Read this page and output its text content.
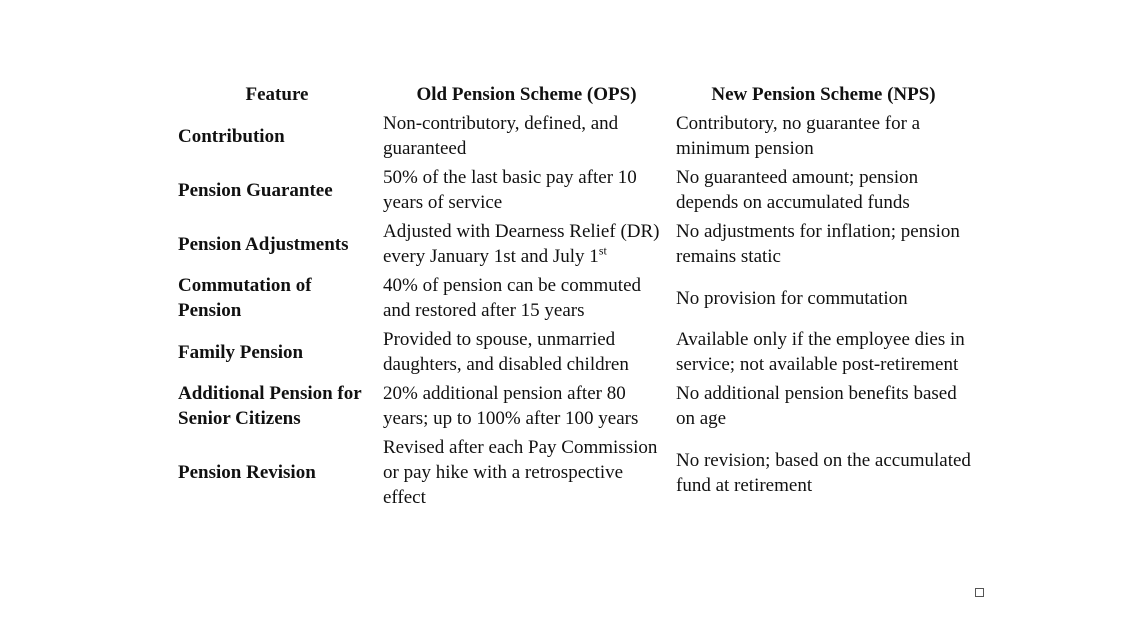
Feature	Old Pension Scheme (OPS)	New Pension Scheme (NPS)
Contribution	Non-contributory, defined, and guaranteed	Contributory, no guarantee for a minimum pension
Pension Guarantee	50% of the last basic pay after 10 years of service	No guaranteed amount; pension depends on accumulated funds
Pension Adjustments	Adjusted with Dearness Relief (DR) every January 1st and July 1st	No adjustments for inflation; pension remains static
Commutation of Pension	40% of pension can be commuted and restored after 15 years	No provision for commutation
Family Pension	Provided to spouse, unmarried daughters, and disabled children	Available only if the employee dies in service; not available post-retirement
Additional Pension for Senior Citizens	20% additional pension after 80 years; up to 100% after 100 years	No additional pension benefits based on age
Pension Revision	Revised after each Pay Commission or pay hike with a retrospective effect	No revision; based on the accumulated fund at retirement
